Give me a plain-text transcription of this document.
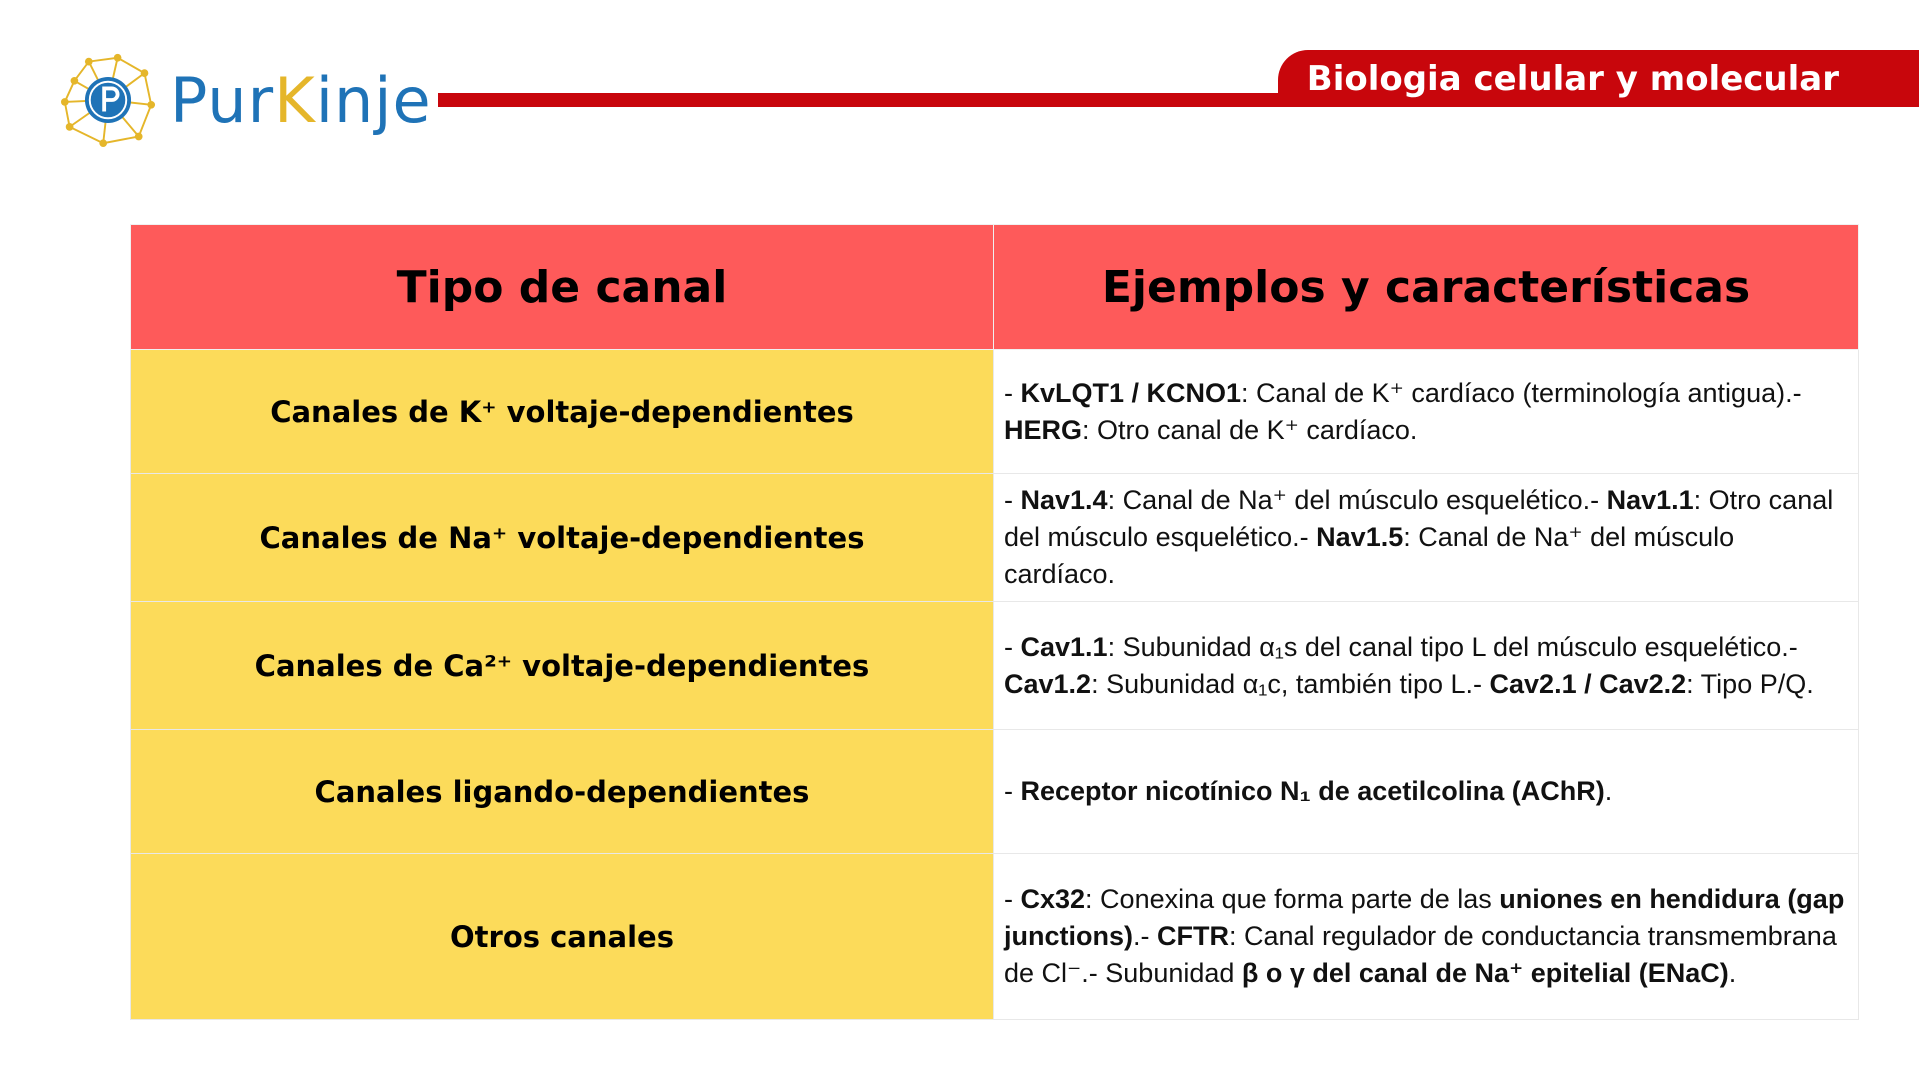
PurKinje	Biologia celular y molecular
Tipo de canal	Ejemplos y características
Canales de K⁺ voltaje-dependientes	- KvLQT1 / KCNO1: Canal de K⁺ cardíaco (terminología antigua).- HERG: Otro canal de K⁺ cardíaco.
Canales de Na⁺ voltaje-dependientes	- Nav1.4: Canal de Na⁺ del músculo esquelético.- Nav1.1: Otro canal del músculo esquelético.- Nav1.5: Canal de Na⁺ del músculo cardíaco.
Canales de Ca²⁺ voltaje-dependientes	- Cav1.1: Subunidad α₁s del canal tipo L del músculo esquelético.- Cav1.2: Subunidad α₁c, también tipo L.- Cav2.1 / Cav2.2: Tipo P/Q.
Canales ligando-dependientes	- Receptor nicotínico N₁ de acetilcolina (AChR).
Otros canales	- Cx32: Conexina que forma parte de las uniones en hendidura (gap junctions).- CFTR: Canal regulador de conductancia transmembrana de Cl⁻.- Subunidad β o γ del canal de Na⁺ epitelial (ENaC).
